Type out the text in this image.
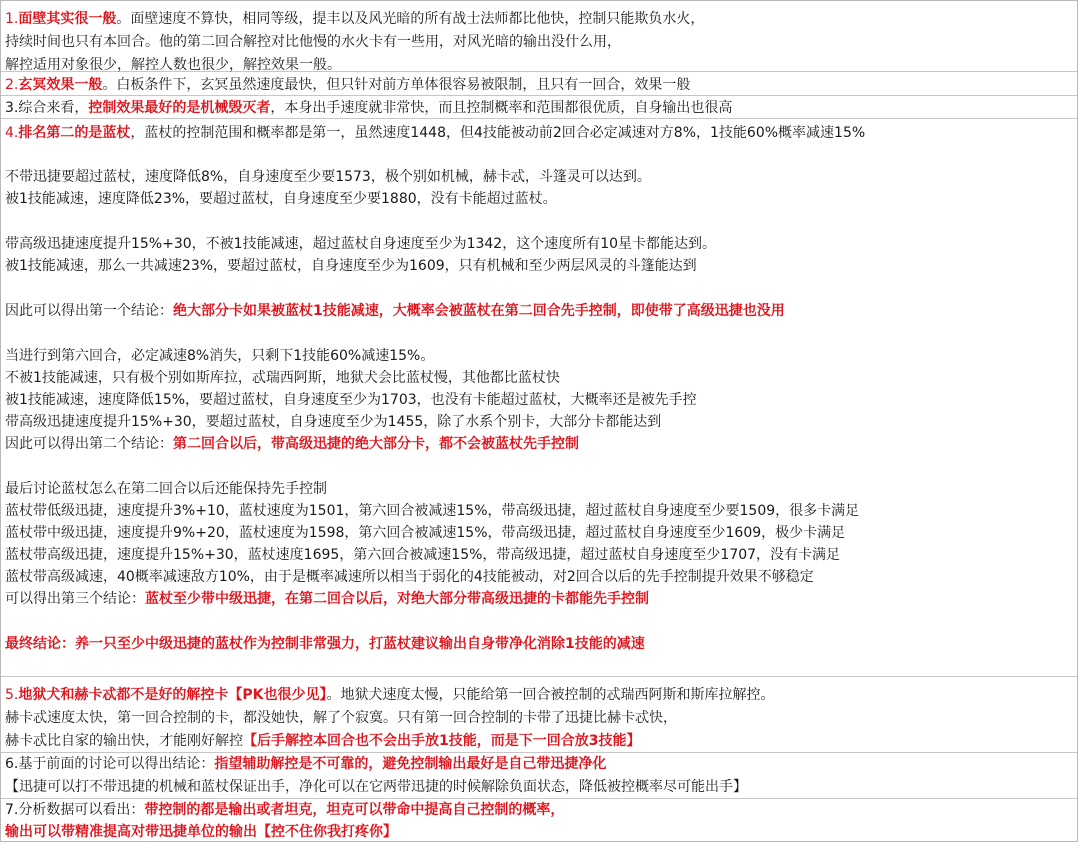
1.面壁其实很一般。面壁速度不算快，相同等级，提丰以及风光暗的所有战士法师都比他快，控制只能欺负水火，
持续时间也只有本回合。他的第二回合解控对比他慢的水火卡有一些用，对风光暗的输出没什么用，
解控适用对象很少，解控人数也很少，解控效果一般。
2.玄冥效果一般。白板条件下，玄冥虽然速度最快，但只针对前方单体很容易被限制，且只有一回合，效果一般
3.综合来看，控制效果最好的是机械毁灭者，本身出手速度就非常快，而且控制概率和范围都很优质，自身输出也很高
4.排名第二的是蓝杖，蓝杖的控制范围和概率都是第一，虽然速度1448，但4技能被动前2回合必定减速对方8%，1技能60%概率减速15%
不带迅捷要超过蓝杖，速度降低8%，自身速度至少要1573，极个别如机械，赫卡忒，斗篷灵可以达到。
被1技能减速，速度降低23%，要超过蓝杖，自身速度至少要1880，没有卡能超过蓝杖。
带高级迅捷速度提升15%+30，不被1技能减速，超过蓝杖自身速度至少为1342，这个速度所有10星卡都能达到。
被1技能减速，那么一共减速23%，要超过蓝杖，自身速度至少为1609，只有机械和至少两层风灵的斗篷能达到
因此可以得出第一个结论：绝大部分卡如果被蓝杖1技能减速，大概率会被蓝杖在第二回合先手控制，即使带了高级迅捷也没用
当进行到第六回合，必定减速8%消失，只剩下1技能60%减速15%。
不被1技能减速，只有极个别如斯库拉，忒瑞西阿斯，地狱犬会比蓝杖慢，其他都比蓝杖快
被1技能减速，速度降低15%，要超过蓝杖，自身速度至少为1703，也没有卡能超过蓝杖，大概率还是被先手控
带高级迅捷速度提升15%+30，要超过蓝杖，自身速度至少为1455，除了水系个别卡，大部分卡都能达到
因此可以得出第二个结论：第二回合以后，带高级迅捷的绝大部分卡，都不会被蓝杖先手控制
最后讨论蓝杖怎么在第二回合以后还能保持先手控制
蓝杖带低级迅捷，速度提升3%+10，蓝杖速度为1501，第六回合被减速15%，带高级迅捷，超过蓝杖自身速度至少要1509，很多卡满足
蓝杖带中级迅捷，速度提升9%+20，蓝杖速度为1598，第六回合被减速15%，带高级迅捷，超过蓝杖自身速度至少1609，极少卡满足
蓝杖带高级迅捷，速度提升15%+30，蓝杖速度1695，第六回合被减速15%，带高级迅捷，超过蓝杖自身速度至少1707，没有卡满足
蓝杖带高级减速，40概率减速敌方10%，由于是概率减速所以相当于弱化的4技能被动，对2回合以后的先手控制提升效果不够稳定
可以得出第三个结论：蓝杖至少带中级迅捷，在第二回合以后，对绝大部分带高级迅捷的卡都能先手控制
最终结论：养一只至少中级迅捷的蓝杖作为控制非常强力，打蓝杖建议输出自身带净化消除1技能的减速
5.地狱犬和赫卡忒都不是好的解控卡【PK也很少见】。地狱犬速度太慢，只能给第一回合被控制的忒瑞西阿斯和斯库拉解控。
赫卡忒速度太快，第一回合控制的卡，都没她快，解了个寂寞。只有第一回合控制的卡带了迅捷比赫卡忒快，
赫卡忒比自家的输出快，才能刚好解控【后手解控本回合也不会出手放1技能，而是下一回合放3技能】
6.基于前面的讨论可以得出结论：指望辅助解控是不可靠的，避免控制输出最好是自己带迅捷净化
【迅捷可以打不带迅捷的机械和蓝杖保证出手，净化可以在它两带迅捷的时候解除负面状态，降低被控概率尽可能出手】
7.分析数据可以看出：带控制的都是输出或者坦克，坦克可以带命中提高自己控制的概率，
输出可以带精准提高对带迅捷单位的输出【控不住你我打疼你】
